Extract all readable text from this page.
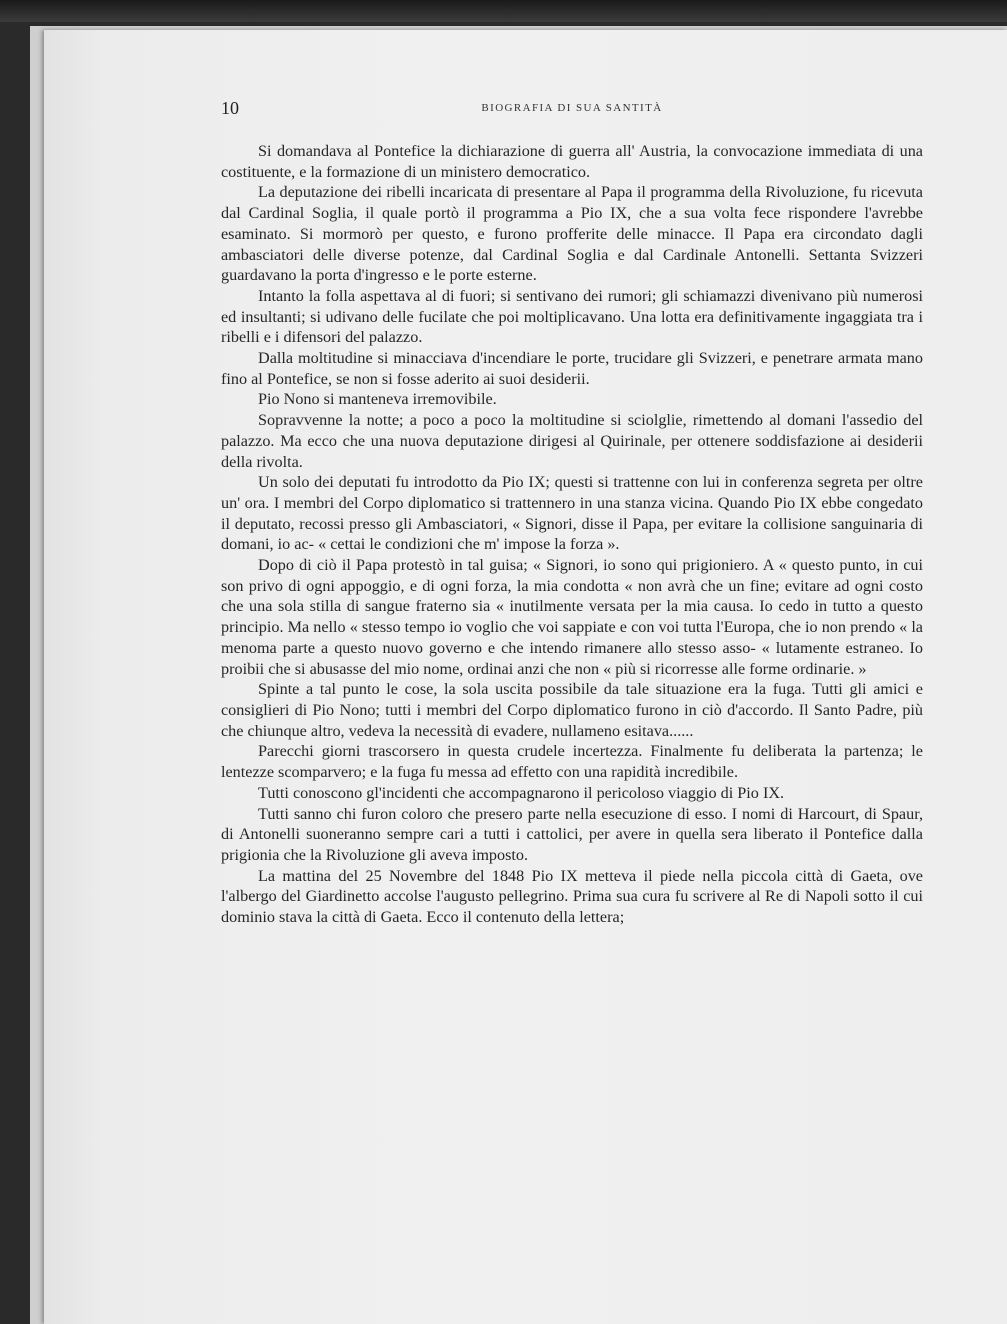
10	BIOGRAFIA DI SUA SANTITÀ

Si domandava al Pontefice la dichiarazione di guerra all' Austria, la convocazione immediata di una costituente, e la formazione di un ministero democratico.

La deputazione dei ribelli incaricata di presentare al Papa il programma della Rivoluzione, fu ricevuta dal Cardinal Soglia, il quale portò il programma a Pio IX, che a sua volta fece rispondere l'avrebbe esaminato. Si mormorò per questo, e furono profferite delle minacce. Il Papa era circondato dagli ambasciatori delle diverse potenze, dal Cardinal Soglia e dal Cardinale Antonelli. Settanta Svizzeri guardavano la porta d'ingresso e le porte esterne.

Intanto la folla aspettava al di fuori; si sentivano dei rumori; gli schiamazzi divenivano più numerosi ed insultanti; si udivano delle fucilate che poi moltiplicavano. Una lotta era definitivamente ingaggiata tra i ribelli e i difensori del palazzo.

Dalla moltitudine si minacciava d'incendiare le porte, trucidare gli Svizzeri, e penetrare armata mano fino al Pontefice, se non si fosse aderito ai suoi desiderii.

Pio Nono si manteneva irremovibile.

Sopravvenne la notte; a poco a poco la moltitudine si sciolglie, rimettendo al domani l'assedio del palazzo. Ma ecco che una nuova deputazione dirigesi al Quirinale, per ottenere soddisfazione ai desiderii della rivolta.

Un solo dei deputati fu introdotto da Pio IX; questi si trattenne con lui in conferenza segreta per oltre un' ora. I membri del Corpo diplomatico si trattennero in una stanza vicina. Quando Pio IX ebbe congedato il deputato, recossi presso gli Ambasciatori, « Signori, disse il Papa, per evitare la collisione sanguinaria di domani, io ac- « cettai le condizioni che m' impose la forza ».

Dopo di ciò il Papa protestò in tal guisa; « Signori, io sono qui prigioniero. A « questo punto, in cui son privo di ogni appoggio, e di ogni forza, la mia condotta « non avrà che un fine; evitare ad ogni costo che una sola stilla di sangue fraterno sia « inutilmente versata per la mia causa. Io cedo in tutto a questo principio. Ma nello « stesso tempo io voglio che voi sappiate e con voi tutta l'Europa, che io non prendo « la menoma parte a questo nuovo governo e che intendo rimanere allo stesso asso- « lutamente estraneo. Io proibii che si abusasse del mio nome, ordinai anzi che non « più si ricorresse alle forme ordinarie. »

Spinte a tal punto le cose, la sola uscita possibile da tale situazione era la fuga. Tutti gli amici e consiglieri di Pio Nono; tutti i membri del Corpo diplomatico furono in ciò d'accordo. Il Santo Padre, più che chiunque altro, vedeva la necessità di evadere, nullameno esitava......

Parecchi giorni trascorsero in questa crudele incertezza. Finalmente fu deliberata la partenza; le lentezze scomparvero; e la fuga fu messa ad effetto con una rapidità incredibile.

Tutti conoscono gl'incidenti che accompagnarono il pericoloso viaggio di Pio IX.

Tutti sanno chi furon coloro che presero parte nella esecuzione di esso. I nomi di Harcourt, di Spaur, di Antonelli suoneranno sempre cari a tutti i cattolici, per avere in quella sera liberato il Pontefice dalla prigionia che la Rivoluzione gli aveva imposto.

La mattina del 25 Novembre del 1848 Pio IX metteva il piede nella piccola città di Gaeta, ove l'albergo del Giardinetto accolse l'augusto pellegrino. Prima sua cura fu scrivere al Re di Napoli sotto il cui dominio stava la città di Gaeta. Ecco il contenuto della lettera;
